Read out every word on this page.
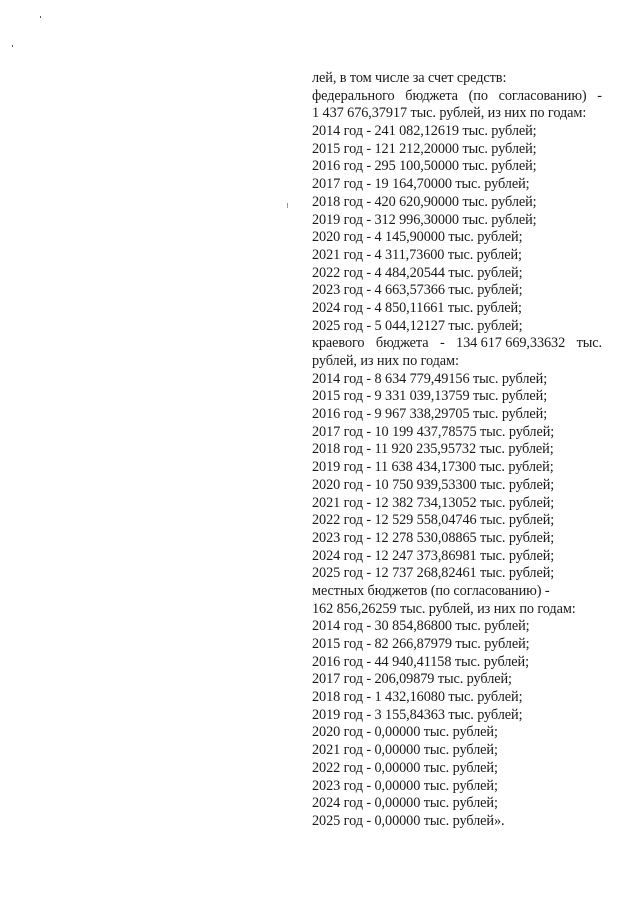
лей, в том числе за счет средств:
федерального бюджета (по согласованию) -
1 437 676,37917 тыс. рублей, из них по годам:
2014 год - 241 082,12619 тыс. рублей;
2015 год - 121 212,20000 тыс. рублей;
2016 год - 295 100,50000 тыс. рублей;
2017 год - 19 164,70000 тыс. рублей;
2018 год - 420 620,90000 тыс. рублей;
2019 год - 312 996,30000 тыс. рублей;
2020 год - 4 145,90000 тыс. рублей;
2021 год - 4 311,73600 тыс. рублей;
2022 год - 4 484,20544 тыс. рублей;
2023 год - 4 663,57366 тыс. рублей;
2024 год - 4 850,11661 тыс. рублей;
2025 год - 5 044,12127 тыс. рублей;
краевого бюджета - 134 617 669,33632 тыс.
рублей, из них по годам:
2014 год - 8 634 779,49156 тыс. рублей;
2015 год - 9 331 039,13759 тыс. рублей;
2016 год - 9 967 338,29705 тыс. рублей;
2017 год - 10 199 437,78575 тыс. рублей;
2018 год - 11 920 235,95732 тыс. рублей;
2019 год - 11 638 434,17300 тыс. рублей;
2020 год - 10 750 939,53300 тыс. рублей;
2021 год - 12 382 734,13052 тыс. рублей;
2022 год - 12 529 558,04746 тыс. рублей;
2023 год - 12 278 530,08865 тыс. рублей;
2024 год - 12 247 373,86981 тыс. рублей;
2025 год - 12 737 268,82461 тыс. рублей;
местных бюджетов (по согласованию) -
162 856,26259 тыс. рублей, из них по годам:
2014 год - 30 854,86800 тыс. рублей;
2015 год - 82 266,87979 тыс. рублей;
2016 год - 44 940,41158 тыс. рублей;
2017 год - 206,09879 тыс. рублей;
2018 год - 1 432,16080 тыс. рублей;
2019 год - 3 155,84363 тыс. рублей;
2020 год - 0,00000 тыс. рублей;
2021 год - 0,00000 тыс. рублей;
2022 год - 0,00000 тыс. рублей;
2023 год - 0,00000 тыс. рублей;
2024 год - 0,00000 тыс. рублей;
2025 год - 0,00000 тыс. рублей».
